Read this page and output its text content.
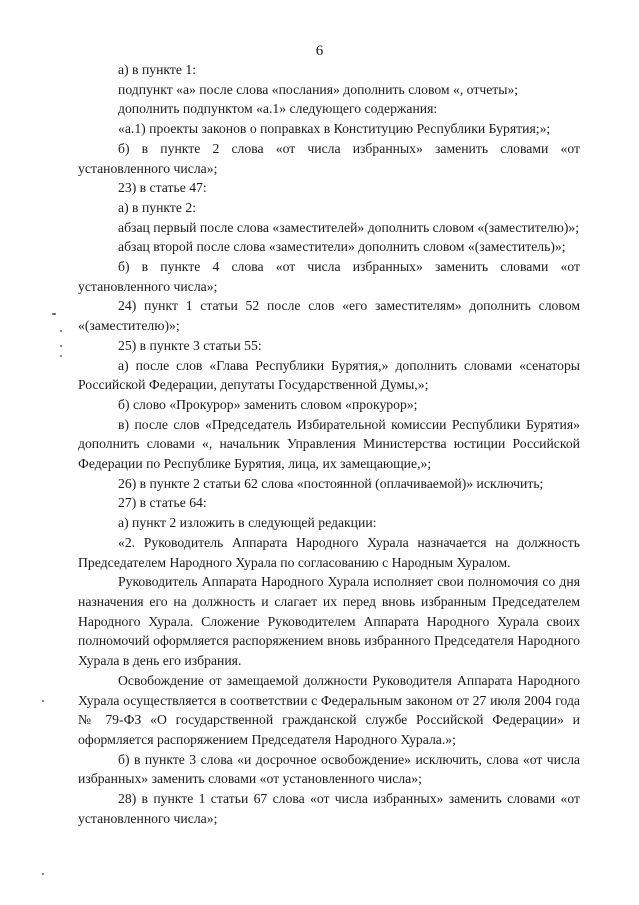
6

а) в пункте 1:

подпункт «а» после слова «послания» дополнить словом «, отчеты»;

дополнить подпунктом «а.1» следующего содержания:

«а.1) проекты законов о поправках в Конституцию Республики Бурятия;»;

б) в пункте 2 слова «от числа избранных» заменить словами «от установленного числа»;

23) в статье 47:

а) в пункте 2:

абзац первый после слова «заместителей» дополнить словом «(заместителю)»;

абзац второй после слова «заместители» дополнить словом «(заместитель)»;

б) в пункте 4 слова «от числа избранных» заменить словами «от установленного числа»;

24) пункт 1 статьи 52 после слов «его заместителям» дополнить словом «(заместителю)»;

25) в пункте 3 статьи 55:

а) после слов «Глава Республики Бурятия,» дополнить словами «сенаторы Российской Федерации, депутаты Государственной Думы,»;

б) слово «Прокурор» заменить словом «прокурор»;

в) после слов «Председатель Избирательной комиссии Республики Бурятия» дополнить словами «, начальник Управления Министерства юстиции Российской Федерации по Республике Бурятия, лица, их замещающие,»;

26) в пункте 2 статьи 62 слова «постоянной (оплачиваемой)» исключить;

27) в статье 64:

а) пункт 2 изложить в следующей редакции:

«2. Руководитель Аппарата Народного Хурала назначается на должность Председателем Народного Хурала по согласованию с Народным Хуралом.

Руководитель Аппарата Народного Хурала исполняет свои полномочия со дня назначения его на должность и слагает их перед вновь избранным Председателем Народного Хурала. Сложение Руководителем Аппарата Народного Хурала своих полномочий оформляется распоряжением вновь избранного Председателя Народного Хурала в день его избрания.

Освобождение от замещаемой должности Руководителя Аппарата Народного Хурала осуществляется в соответствии с Федеральным законом от 27 июля 2004 года № 79-ФЗ «О государственной гражданской службе Российской Федерации» и оформляется распоряжением Председателя Народного Хурала.»;

б) в пункте 3 слова «и досрочное освобождение» исключить, слова «от числа избранных» заменить словами «от установленного числа»;

28) в пункте 1 статьи 67 слова «от числа избранных» заменить словами «от установленного числа»;
